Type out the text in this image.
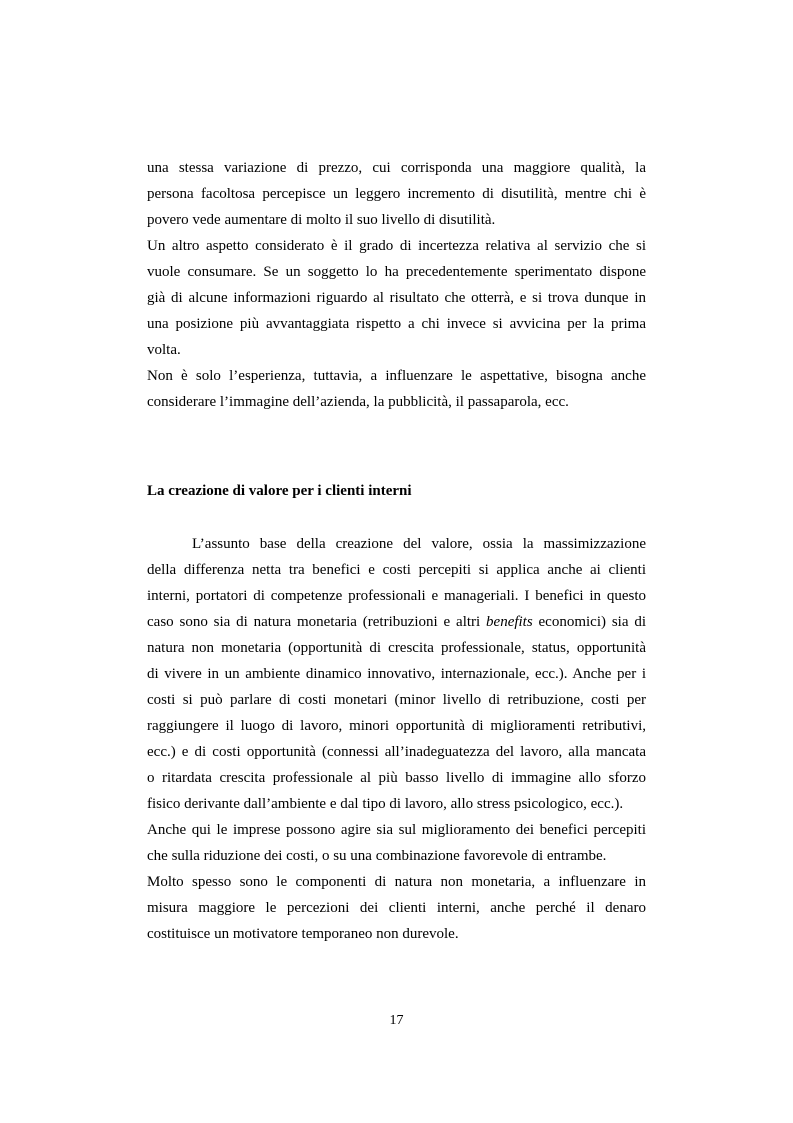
una stessa variazione di prezzo, cui corrisponda una maggiore qualità, la
persona facoltosa percepisce un leggero incremento di disutilità, mentre chi è
povero vede aumentare di molto il suo livello di disutilità.
Un altro aspetto considerato è il grado di incertezza relativa al servizio che si
vuole consumare. Se un soggetto lo ha precedentemente sperimentato dispone
già di alcune informazioni riguardo al risultato che otterrà, e si trova dunque in
una posizione più avvantaggiata rispetto a chi invece si avvicina per la prima
volta.
Non è solo l’esperienza, tuttavia, a influenzare le aspettative, bisogna anche
considerare l’immagine dell’azienda, la pubblicità, il passaparola, ecc.
La creazione di valore per i clienti interni
L’assunto base della creazione del valore, ossia la massimizzazione
della differenza netta tra benefici e costi percepiti si applica anche ai clienti
interni, portatori di competenze professionali e manageriali. I benefici in questo
caso sono sia di natura monetaria (retribuzioni e altri benefits economici) sia di
natura non monetaria (opportunità di crescita professionale, status, opportunità
di vivere in un ambiente dinamico innovativo, internazionale, ecc.). Anche per i
costi si può parlare di costi monetari (minor livello di retribuzione, costi per
raggiungere il luogo di lavoro, minori opportunità di miglioramenti retributivi,
ecc.) e di costi opportunità (connessi all’inadeguatezza del lavoro, alla mancata
o ritardata crescita professionale al più basso livello di immagine allo sforzo
fisico derivante dall’ambiente e dal tipo di lavoro, allo stress psicologico, ecc.).
Anche qui le imprese possono agire sia sul miglioramento dei benefici percepiti
che sulla riduzione dei costi, o su una combinazione favorevole di entrambe.
Molto spesso sono le componenti di natura non monetaria, a influenzare in
misura maggiore le percezioni dei clienti interni, anche perché il denaro
costituisce un motivatore temporaneo non durevole.
17
